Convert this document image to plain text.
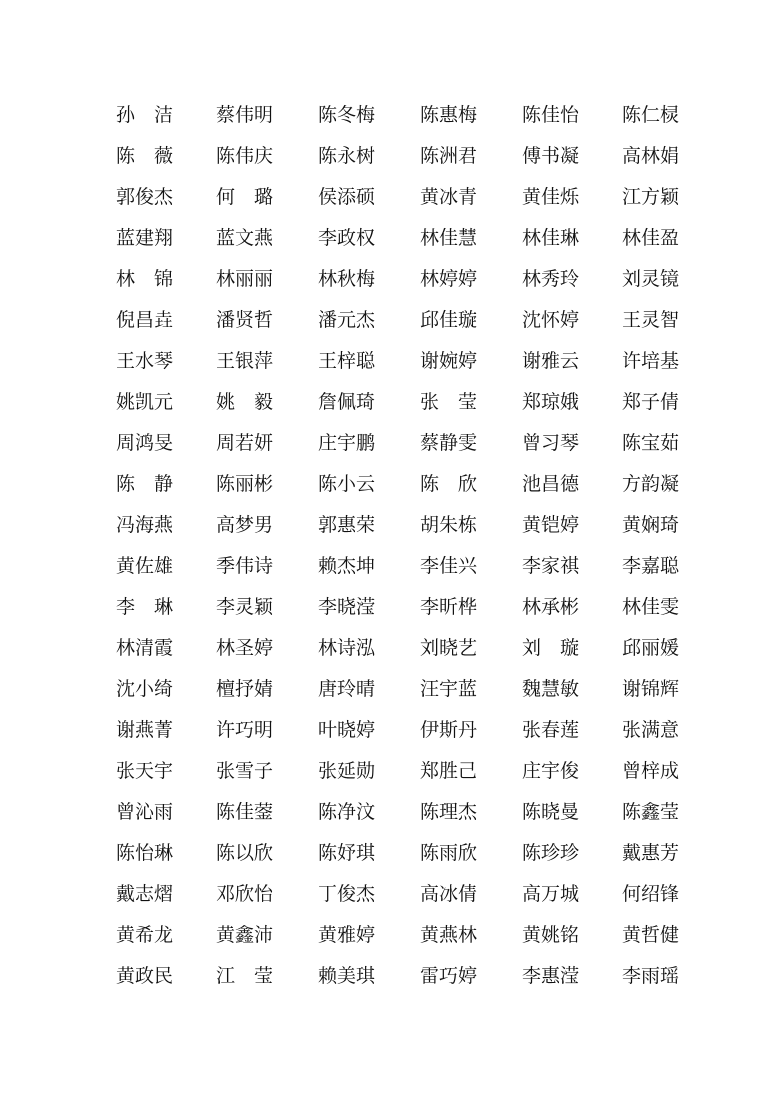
孙　洁	蔡伟明	陈冬梅	陈惠梅	陈佳怡	陈仁棂
陈　薇	陈伟庆	陈永树	陈洲君	傅书凝	高林娟
郭俊杰	何　璐	侯添硕	黄冰青	黄佳烁	江方颖
蓝建翔	蓝文燕	李政权	林佳慧	林佳琳	林佳盈
林　锦	林丽丽	林秋梅	林婷婷	林秀玲	刘灵镜
倪昌垚	潘贤哲	潘元杰	邱佳璇	沈怀婷	王灵智
王水琴	王银萍	王梓聪	谢婉婷	谢雅云	许培基
姚凯元	姚　毅	詹佩琦	张　莹	郑琼娥	郑子倩
周鸿旻	周若妍	庄宇鹏	蔡静雯	曾习琴	陈宝茹
陈　静	陈丽彬	陈小云	陈　欣	池昌德	方韵凝
冯海燕	高梦男	郭惠荣	胡朱栋	黄铠婷	黄娴琦
黄佐雄	季伟诗	赖杰坤	李佳兴	李家祺	李嘉聪
李　琳	李灵颖	李晓滢	李昕桦	林承彬	林佳雯
林清霞	林圣婷	林诗泓	刘晓艺	刘　璇	邱丽媛
沈小绮	檀抒婧	唐玲晴	汪宇蓝	魏慧敏	谢锦辉
谢燕菁	许巧明	叶晓婷	伊斯丹	张春莲	张满意
张天宇	张雪子	张延勋	郑胜己	庄宇俊	曾梓成
曾沁雨	陈佳蓥	陈净汶	陈理杰	陈晓曼	陈鑫莹
陈怡琳	陈以欣	陈妤琪	陈雨欣	陈珍珍	戴惠芳
戴志熠	邓欣怡	丁俊杰	高冰倩	高万城	何绍锋
黄希龙	黄鑫沛	黄雅婷	黄燕林	黄姚铭	黄哲健
黄政民	江　莹	赖美琪	雷巧婷	李惠滢	李雨瑶
